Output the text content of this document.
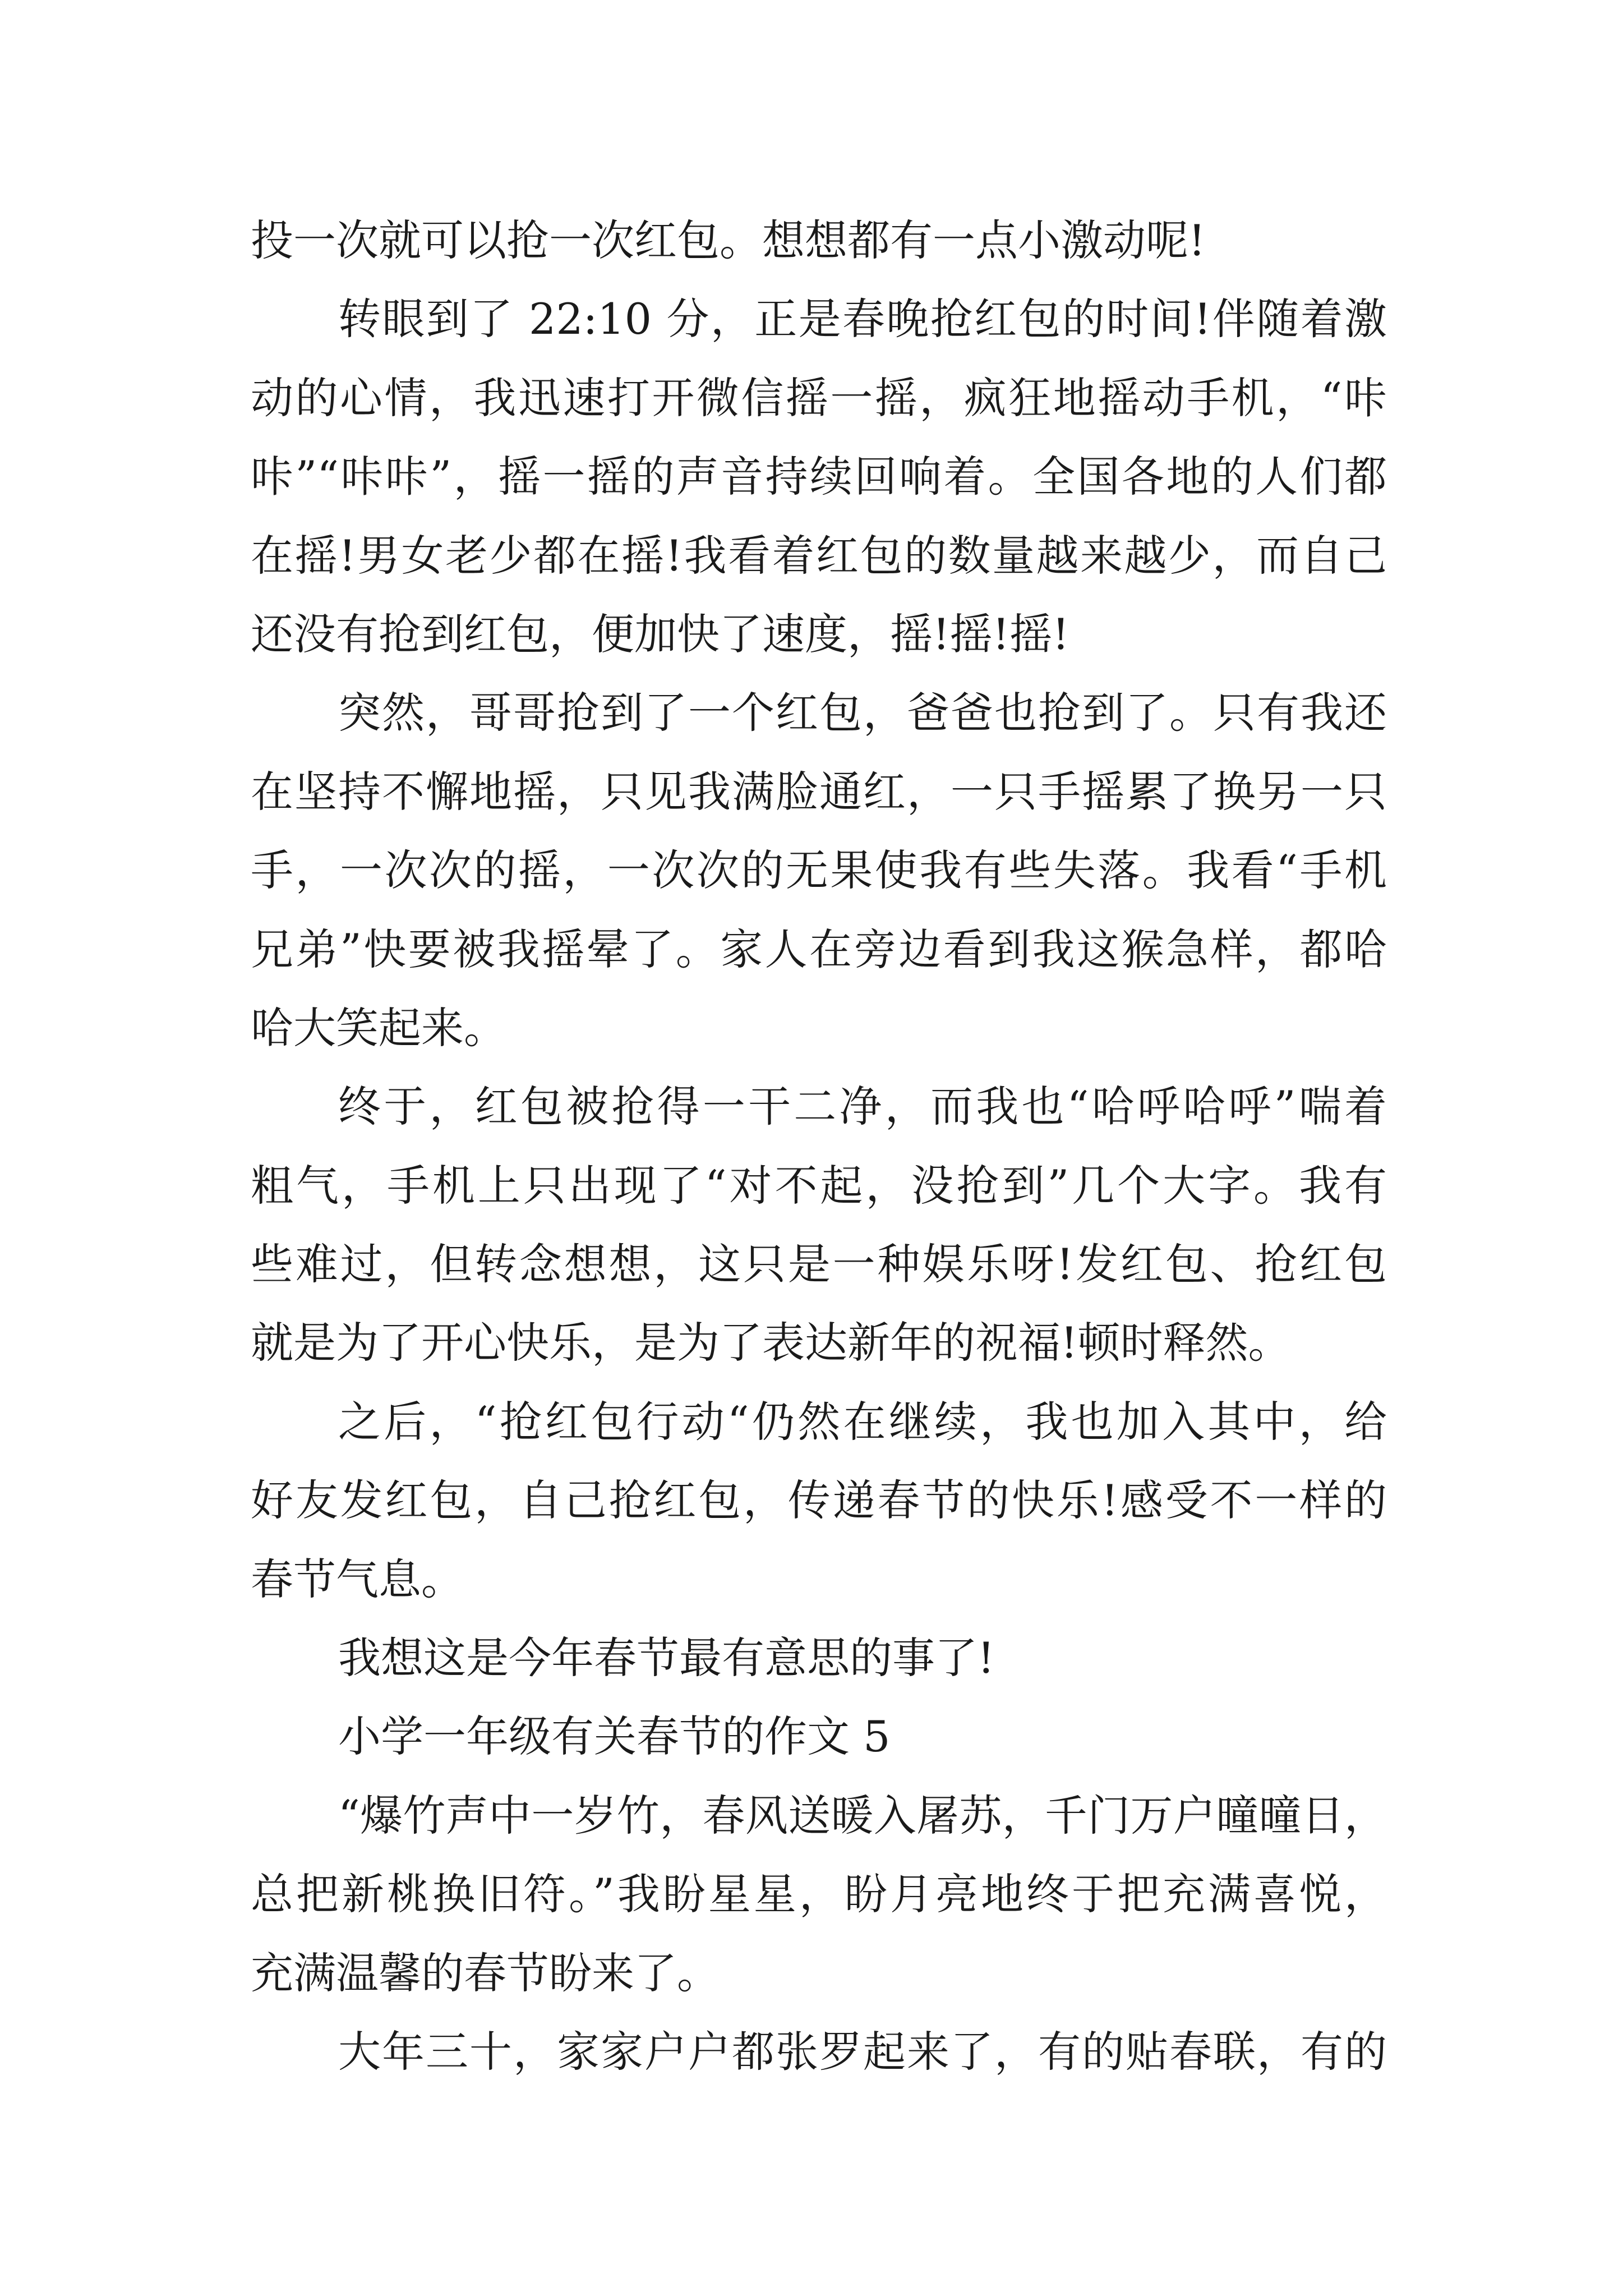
投一次就可以抢一次红包。想想都有一点小激动呢!
转眼到了 22:10 分，正是春晚抢红包的时间!伴随着激
动的心情，我迅速打开微信摇一摇，疯狂地摇动手机，“咔
咔”“咔咔”，摇一摇的声音持续回响着。全国各地的人们都
在摇!男女老少都在摇!我看着红包的数量越来越少，而自己
还没有抢到红包，便加快了速度，摇!摇!摇!
突然，哥哥抢到了一个红包，爸爸也抢到了。只有我还
在坚持不懈地摇，只见我满脸通红，一只手摇累了换另一只
手，一次次的摇，一次次的无果使我有些失落。我看“手机
兄弟”快要被我摇晕了。家人在旁边看到我这猴急样，都哈
哈大笑起来。
终于，红包被抢得一干二净，而我也“哈呼哈呼”喘着
粗气，手机上只出现了“对不起，没抢到”几个大字。我有
些难过，但转念想想，这只是一种娱乐呀!发红包、抢红包
就是为了开心快乐，是为了表达新年的祝福!顿时释然。
之后，“抢红包行动“仍然在继续，我也加入其中，给
好友发红包，自己抢红包，传递春节的快乐!感受不一样的
春节气息。
我想这是今年春节最有意思的事了!
小学一年级有关春节的作文 5
“爆竹声中一岁竹，春风送暖入屠苏，千门万户曈曈日，
总把新桃换旧符。”我盼星星，盼月亮地终于把充满喜悦，
充满温馨的春节盼来了。
大年三十，家家户户都张罗起来了，有的贴春联，有的
